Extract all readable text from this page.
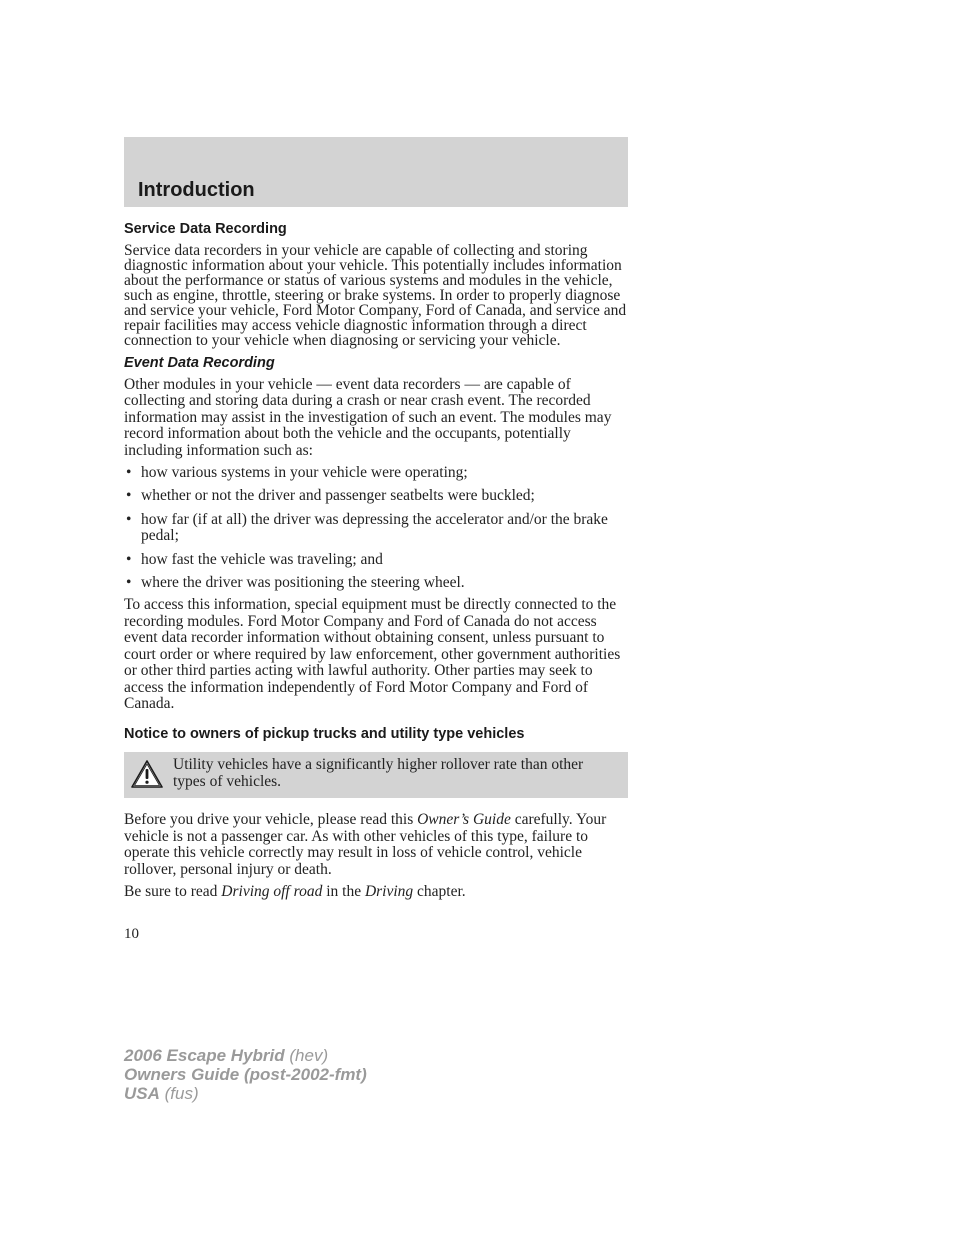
Introduction
Service Data Recording

Service data recorders in your vehicle are capable of collecting and storing diagnostic information about your vehicle. This potentially includes information about the performance or status of various systems and modules in the vehicle, such as engine, throttle, steering or brake systems. In order to properly diagnose and service your vehicle, Ford Motor Company, Ford of Canada, and service and repair facilities may access vehicle diagnostic information through a direct connection to your vehicle when diagnosing or servicing your vehicle.

Event Data Recording

Other modules in your vehicle — event data recorders — are capable of collecting and storing data during a crash or near crash event. The recorded information may assist in the investigation of such an event. The modules may record information about both the vehicle and the occupants, potentially including information such as:

• how various systems in your vehicle were operating;
• whether or not the driver and passenger seatbelts were buckled;
• how far (if at all) the driver was depressing the accelerator and/or the brake pedal;
• how fast the vehicle was traveling; and
• where the driver was positioning the steering wheel.

To access this information, special equipment must be directly connected to the recording modules. Ford Motor Company and Ford of Canada do not access event data recorder information without obtaining consent, unless pursuant to court order or where required by law enforcement, other government authorities or other third parties acting with lawful authority. Other parties may seek to access the information independently of Ford Motor Company and Ford of Canada.

Notice to owners of pickup trucks and utility type vehicles
Utility vehicles have a significantly higher rollover rate than other types of vehicles.

Before you drive your vehicle, please read this Owner’s Guide carefully. Your vehicle is not a passenger car. As with other vehicles of this type, failure to operate this vehicle correctly may result in loss of vehicle control, vehicle rollover, personal injury or death.

Be sure to read Driving off road in the Driving chapter.

10
2006 Escape Hybrid (hev)
Owners Guide (post-2002-fmt)
USA (fus)
